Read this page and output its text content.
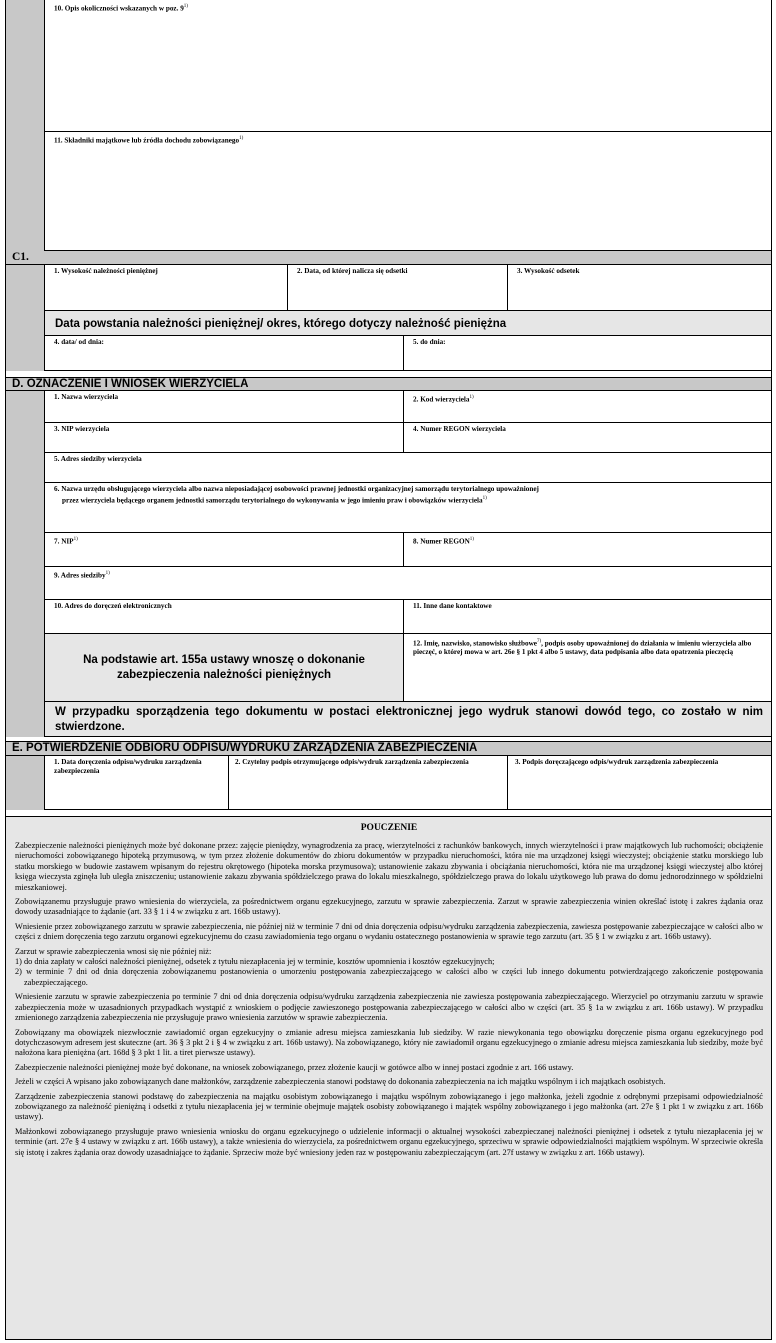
10. Opis okoliczności wskazanych w poz. 9$^{1)}$
11. Składniki majątkowe lub źródła dochodu zobowiązanego$^{1)}$
C1.
1. Wysokość należności pieniężnej	2. Data, od której nalicza się odsetki	3. Wysokość odsetek
Data powstania należności pieniężnej/ okres, którego dotyczy należność pieniężna
4. data/ od dnia:	5. do dnia:
D. OZNACZENIE I WNIOSEK WIERZYCIELA
1. Nazwa wierzyciela	2. Kod wierzyciela$^{1)}$
3. NIP wierzyciela	4. Numer REGON wierzyciela
5. Adres siedziby wierzyciela
6. Nazwa urzędu obsługującego wierzyciela albo nazwa nieposiadającej osobowości prawnej jednostki organizacyjnej samorządu terytorialnego upoważnionej
przez wierzyciela będącego organem jednostki samorządu terytorialnego do wykonywania w jego imieniu praw i obowiązków wierzyciela$^{1)}$
7. NIP$^{1)}$	8. Numer REGON$^{1)}$
9. Adres siedziby$^{1)}$
10. Adres do doręczeń elektronicznych	11. Inne dane kontaktowe
Na podstawie art. 155a ustawy wnoszę o dokonanie zabezpieczenia należności pieniężnych
12. Imię, nazwisko, stanowisko służbowe$^{7)}$, podpis osoby upoważnionej do działania w imieniu wierzyciela albo pieczęć, o której mowa w art. 26e § 1 pkt 4 albo 5 ustawy, data podpisania albo data opatrzenia pieczęcią
W przypadku sporządzenia tego dokumentu w postaci elektronicznej jego wydruk stanowi dowód tego, co zostało w nim stwierdzone.
E. POTWIERDZENIE ODBIORU ODPISU/WYDRUKU ZARZĄDZENIA ZABEZPIECZENIA
1. Data doręczenia odpisu/wydruku zarządzenia zabezpieczenia
2. Czytelny podpis otrzymującego odpis/wydruk zarządzenia zabezpieczenia	3. Podpis doręczającego odpis/wydruk zarządzenia zabezpieczenia
POUCZENIE

Zabezpieczenie należności pieniężnych może być dokonane przez: zajęcie pieniędzy, wynagrodzenia za pracę, wierzytelności z rachunków bankowych, innych wierzytelności i praw majątkowych lub ruchomości; obciążenie nieruchomości zobowiązanego hipoteką przymusową, w tym przez złożenie dokumentów do zbioru dokumentów w przypadku nieruchomości, która nie ma urządzonej księgi wieczystej; obciążenie statku morskiego lub statku morskiego w budowie zastawem wpisanym do rejestru okrętowego (hipoteka morska przymusowa); ustanowienie zakazu zbywania i obciążania nieruchomości, która nie ma urządzonej księgi wieczystej albo której księga wieczysta zginęła lub uległa zniszczeniu; ustanowienie zakazu zbywania spółdzielczego prawa do lokalu mieszkalnego, spółdzielczego prawa do lokalu użytkowego lub prawa do domu jednorodzinnego w spółdzielni mieszkaniowej.

Zobowiązanemu przysługuje prawo wniesienia do wierzyciela, za pośrednictwem organu egzekucyjnego, zarzutu w sprawie zabezpieczenia. Zarzut w sprawie zabezpieczenia winien określać istotę i zakres żądania oraz dowody uzasadniające to żądanie (art. 33 § 1 i 4 w związku z art. 166b ustawy).

Wniesienie przez zobowiązanego zarzutu w sprawie zabezpieczenia, nie później niż w terminie 7 dni od dnia doręczenia odpisu/wydruku zarządzenia zabezpieczenia, zawiesza postępowanie zabezpieczające w całości albo w części z dniem doręczenia tego zarzutu organowi egzekucyjnemu do czasu zawiadomienia tego organu o wydaniu ostatecznego postanowienia w sprawie tego zarzutu (art. 35 § 1 w związku z art. 166b ustawy).

Zarzut w sprawie zabezpieczenia wnosi się nie później niż:
1) do dnia zapłaty w całości należności pieniężnej, odsetek z tytułu niezapłacenia jej w terminie, kosztów upomnienia i kosztów egzekucyjnych;
2) w terminie 7 dni od dnia doręczenia zobowiązanemu postanowienia o umorzeniu postępowania zabezpieczającego w całości albo w części lub innego dokumentu potwierdzającego zakończenie postępowania zabezpieczającego.

Wniesienie zarzutu w sprawie zabezpieczenia po terminie 7 dni od dnia doręczenia odpisu/wydruku zarządzenia zabezpieczenia nie zawiesza postępowania zabezpieczającego. Wierzyciel po otrzymaniu zarzutu w sprawie zabezpieczenia może w uzasadnionych przypadkach wystąpić z wnioskiem o podjęcie zawieszonego postępowania zabezpieczającego w całości albo w części (art. 35 § 1a w związku z art. 166b ustawy). W przypadku zmienionego zarządzenia zabezpieczenia nie przysługuje prawo wniesienia zarzutów w sprawie zabezpieczenia.

Zobowiązany ma obowiązek niezwłocznie zawiadomić organ egzekucyjny o zmianie adresu miejsca zamieszkania lub siedziby. W razie niewykonania tego obowiązku doręczenie pisma organu egzekucyjnego pod dotychczasowym adresem jest skuteczne (art. 36 § 3 pkt 2 i § 4 w związku z art. 166b ustawy). Na zobowiązanego, który nie zawiadomił organu egzekucyjnego o zmianie adresu miejsca zamieszkania lub siedziby, może być nałożona kara pieniężna (art. 168d § 3 pkt 1 lit. a tiret pierwsze ustawy).

Zabezpieczenie należności pieniężnej może być dokonane, na wniosek zobowiązanego, przez złożenie kaucji w gotówce albo w innej postaci zgodnie z art. 166 ustawy.

Jeżeli w części A wpisano jako zobowiązanych dane małżonków, zarządzenie zabezpieczenia stanowi podstawę do dokonania zabezpieczenia na ich majątku wspólnym i ich majątkach osobistych.

Zarządzenie zabezpieczenia stanowi podstawę do zabezpieczenia na majątku osobistym zobowiązanego i majątku wspólnym zobowiązanego i jego małżonka, jeżeli zgodnie z odrębnymi przepisami odpowiedzialność zobowiązanego za należność pieniężną i odsetki z tytułu niezapłacenia jej w terminie obejmuje majątek osobisty zobowiązanego i majątek wspólny zobowiązanego i jego małżonka (art. 27e § 1 pkt 1 w związku z art. 166b ustawy).

Małżonkowi zobowiązanego przysługuje prawo wniesienia wniosku do organu egzekucyjnego o udzielenie informacji o aktualnej wysokości zabezpieczanej należności pieniężnej i odsetek z tytułu niezapłacenia jej w terminie (art. 27e § 4 ustawy w związku z art. 166b ustawy), a także wniesienia do wierzyciela, za pośrednictwem organu egzekucyjnego, sprzeciwu w sprawie odpowiedzialności majątkiem wspólnym. W sprzeciwie określa się istotę i zakres żądania oraz dowody uzasadniające to żądanie. Sprzeciw może być wniesiony jeden raz w postępowaniu zabezpieczającym (art. 27f ustawy w związku z art. 166b ustawy).
